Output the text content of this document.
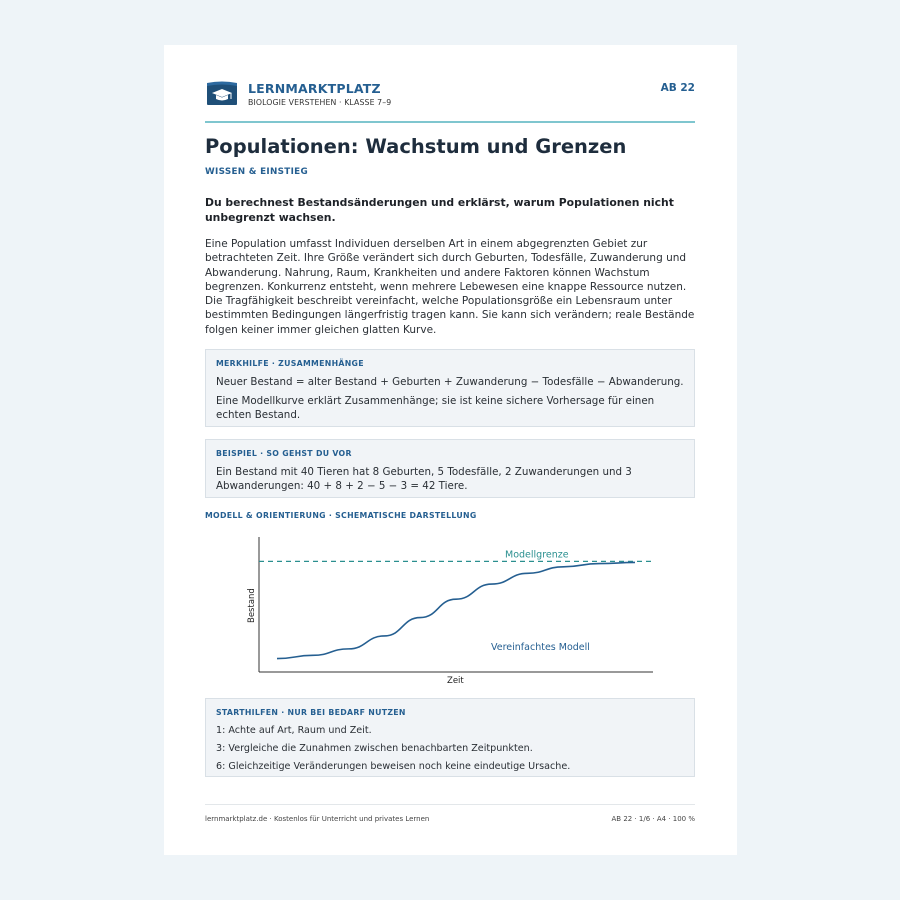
LERNMARKTPLATZ
BIOLOGIE VERSTEHEN · KLASSE 7–9
AB 22
Populationen: Wachstum und Grenzen
WISSEN & EINSTIEG
Du berechnest Bestandsänderungen und erklärst, warum Populationen nicht unbegrenzt wachsen.
Eine Population umfasst Individuen derselben Art in einem abgegrenzten Gebiet zur betrachteten Zeit. Ihre Größe verändert sich durch Geburten, Todesfälle, Zuwanderung und Abwanderung. Nahrung, Raum, Krankheiten und andere Faktoren können Wachstum begrenzen. Konkurrenz entsteht, wenn mehrere Lebewesen eine knappe Ressource nutzen. Die Tragfähigkeit beschreibt vereinfacht, welche Populationsgröße ein Lebensraum unter bestimmten Bedingungen längerfristig tragen kann. Sie kann sich verändern; reale Bestände folgen keiner immer gleichen glatten Kurve.
MERKHILFE · ZUSAMMENHÄNGE
Neuer Bestand = alter Bestand + Geburten + Zuwanderung − Todesfälle − Abwanderung.
Eine Modellkurve erklärt Zusammenhänge; sie ist keine sichere Vorhersage für einen echten Bestand.
BEISPIEL · SO GEHST DU VOR
Ein Bestand mit 40 Tieren hat 8 Geburten, 5 Todesfälle, 2 Zuwanderungen und 3 Abwanderungen: 40 + 8 + 2 − 5 − 3 = 42 Tiere.
MODELL & ORIENTIERUNG · SCHEMATISCHE DARSTELLUNG
Modellgrenze
Vereinfachtes Modell
Zeit
Bestand
STARTHILFEN · NUR BEI BEDARF NUTZEN
1: Achte auf Art, Raum und Zeit.
3: Vergleiche die Zunahmen zwischen benachbarten Zeitpunkten.
6: Gleichzeitige Veränderungen beweisen noch keine eindeutige Ursache.
lernmarktplatz.de · Kostenlos für Unterricht und privates Lernen	AB 22 · 1/6 · A4 · 100 %
